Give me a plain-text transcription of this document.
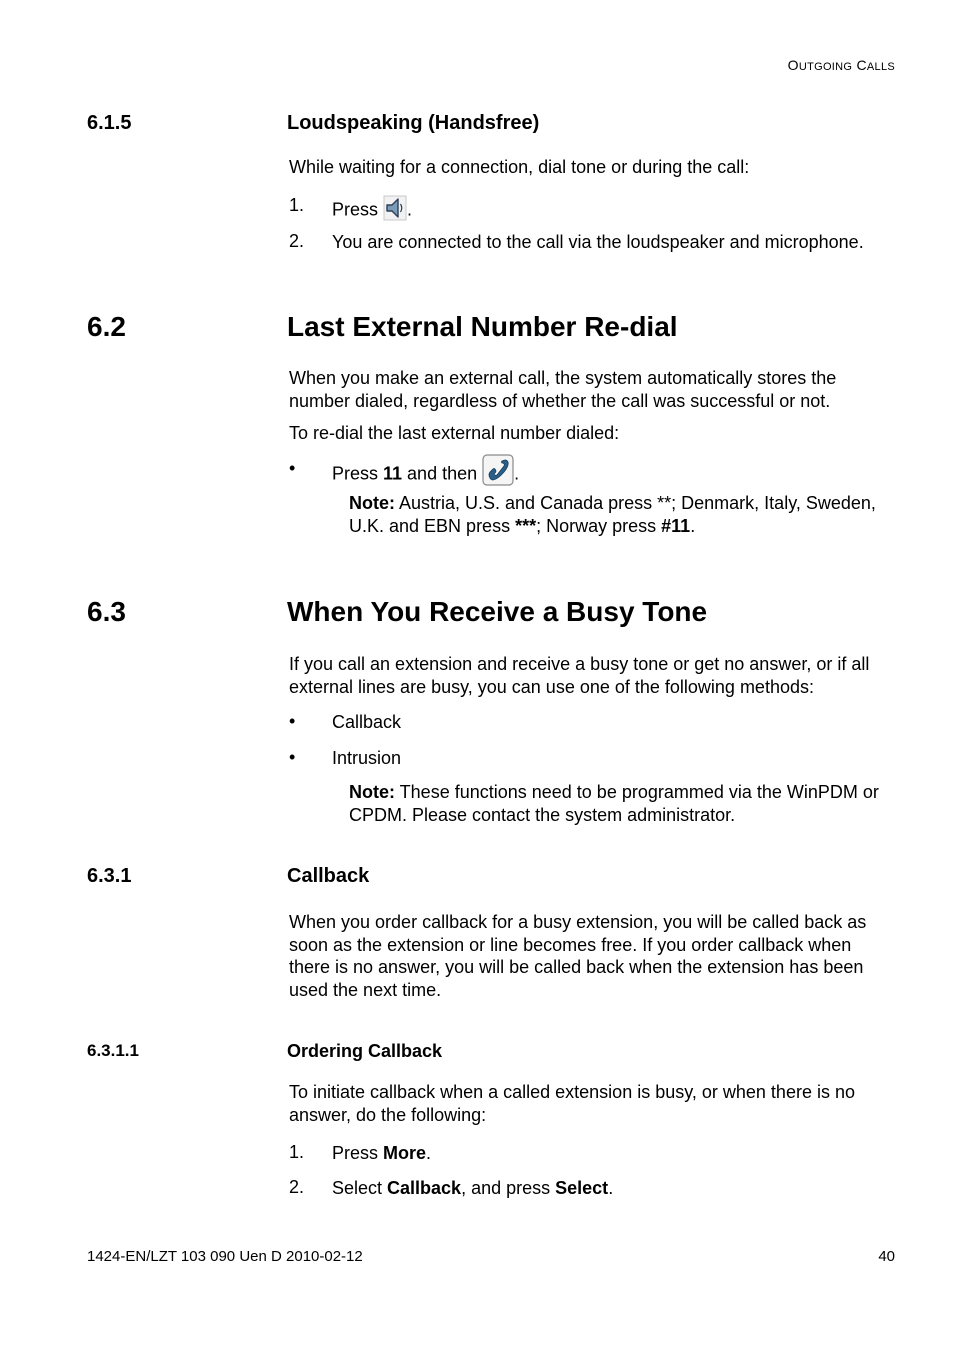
OUTGOING CALLS
6.1.5	Loudspeaking (Handsfree)
While waiting for a connection, dial tone or during the call:
1. Press .
2. You are connected to the call via the loudspeaker and microphone.
6.2	Last External Number Re-dial
When you make an external call, the system automatically stores the number dialed, regardless of whether the call was successful or not.
To re-dial the last external number dialed:
• Press 11 and then .
Note: Austria, U.S. and Canada press **; Denmark, Italy, Sweden, U.K. and EBN press ***; Norway press #11.
6.3	When You Receive a Busy Tone
If you call an extension and receive a busy tone or get no answer, or if all external lines are busy, you can use one of the following methods:
• Callback
• Intrusion
Note: These functions need to be programmed via the WinPDM or CPDM. Please contact the system administrator.
6.3.1	Callback
When you order callback for a busy extension, you will be called back as soon as the extension or line becomes free. If you order callback when there is no answer, you will be called back when the extension has been used the next time.
6.3.1.1	Ordering Callback
To initiate callback when a called extension is busy, or when there is no answer, do the following:
1. Press More.
2. Select Callback, and press Select.
1424-EN/LZT 103 090 Uen D 2010-02-12	40
